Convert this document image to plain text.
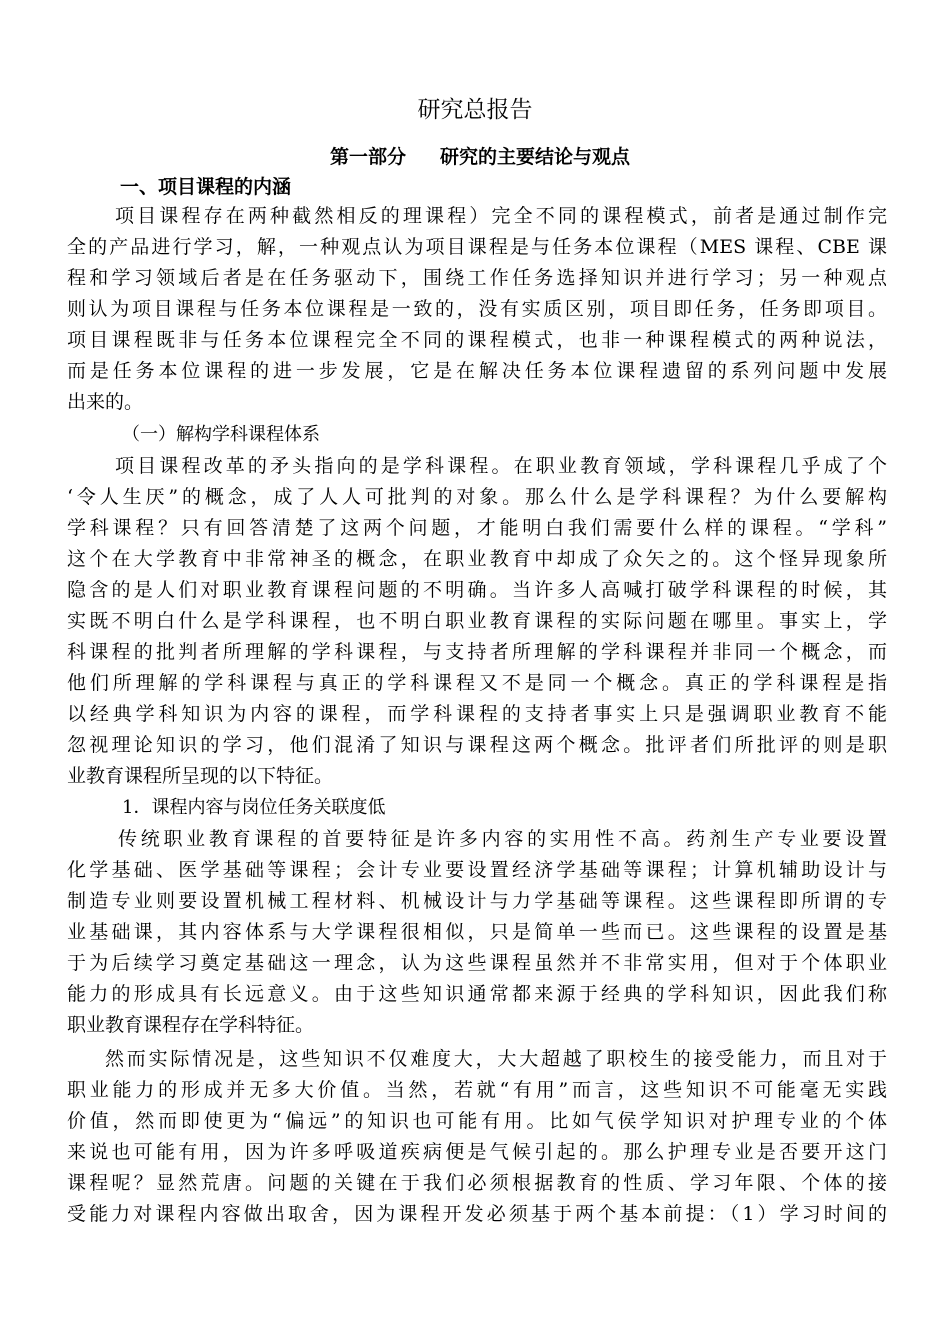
研究总报告
第一部分 研究的主要结论与观点
一、项目课程的内涵
项目课程存在两种截然相反的理课程）完全不同的课程模式，前者是通过制作完
全的产品进行学习，解，一种观点认为项目课程是与任务本位课程（MES 课程、CBE 课
程和学习领域后者是在任务驱动下，围绕工作任务选择知识并进行学习；另一种观点
则认为项目课程与任务本位课程是一致的，没有实质区别，项目即任务，任务即项目。
项目课程既非与任务本位课程完全不同的课程模式，也非一种课程模式的两种说法，
而是任务本位课程的进一步发展，它是在解决任务本位课程遗留的系列问题中发展
出来的。
（一）解构学科课程体系
项目课程改革的矛头指向的是学科课程。在职业教育领域，学科课程几乎成了个
‘令人生厌”的概念，成了人人可批判的对象。那么什么是学科课程？为什么要解构
学科课程？只有回答清楚了这两个问题，才能明白我们需要什么样的课程。“学科”
这个在大学教育中非常神圣的概念，在职业教育中却成了众矢之的。这个怪异现象所
隐含的是人们对职业教育课程问题的不明确。当许多人高喊打破学科课程的时候，其
实既不明白什么是学科课程，也不明白职业教育课程的实际问题在哪里。事实上，学
科课程的批判者所理解的学科课程，与支持者所理解的学科课程并非同一个概念，而
他们所理解的学科课程与真正的学科课程又不是同一个概念。真正的学科课程是指
以经典学科知识为内容的课程，而学科课程的支持者事实上只是强调职业教育不能
忽视理论知识的学习，他们混淆了知识与课程这两个概念。批评者们所批评的则是职
业教育课程所呈现的以下特征。
1．课程内容与岗位任务关联度低
传统职业教育课程的首要特征是许多内容的实用性不高。药剂生产专业要设置
化学基础、医学基础等课程；会计专业要设置经济学基础等课程；计算机辅助设计与
制造专业则要设置机械工程材料、机械设计与力学基础等课程。这些课程即所谓的专
业基础课，其内容体系与大学课程很相似，只是简单一些而已。这些课程的设置是基
于为后续学习奠定基础这一理念，认为这些课程虽然并不非常实用，但对于个体职业
能力的形成具有长远意义。由于这些知识通常都来源于经典的学科知识，因此我们称
职业教育课程存在学科特征。
然而实际情况是，这些知识不仅难度大，大大超越了职校生的接受能力，而且对于
职业能力的形成并无多大价值。当然，若就“有用”而言，这些知识不可能毫无实践
价值，然而即使更为“偏远”的知识也可能有用。比如气侯学知识对护理专业的个体
来说也可能有用，因为许多呼吸道疾病便是气候引起的。那么护理专业是否要开这门
课程呢？显然荒唐。问题的关键在于我们必须根据教育的性质、学习年限、个体的接
受能力对课程内容做出取舍，因为课程开发必须基于两个基本前提：（1）学习时间的
